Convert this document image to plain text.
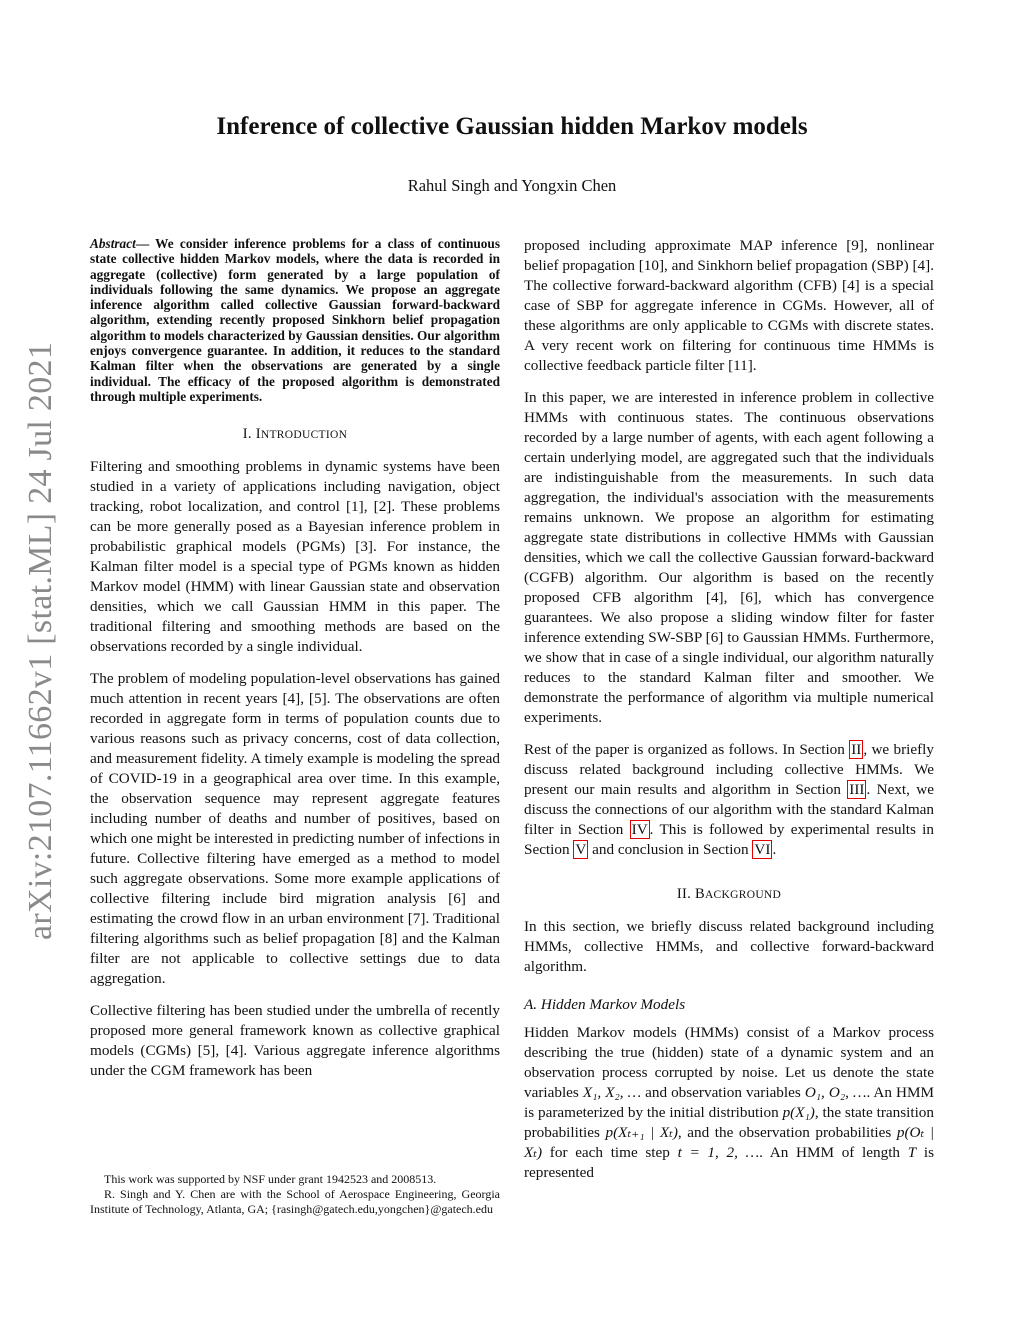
arXiv:2107.11662v1 [stat.ML] 24 Jul 2021
Inference of collective Gaussian hidden Markov models
Rahul Singh and Yongxin Chen
Abstract— We consider inference problems for a class of continuous state collective hidden Markov models, where the data is recorded in aggregate (collective) form generated by a large population of individuals following the same dynamics. We propose an aggregate inference algorithm called collective Gaussian forward-backward algorithm, extending recently proposed Sinkhorn belief propagation algorithm to models characterized by Gaussian densities. Our algorithm enjoys convergence guarantee. In addition, it reduces to the standard Kalman filter when the observations are generated by a single individual. The efficacy of the proposed algorithm is demonstrated through multiple experiments.
I. INTRODUCTION

Filtering and smoothing problems in dynamic systems have been studied in a variety of applications including navigation, object tracking, robot localization, and control [1], [2]. These problems can be more generally posed as a Bayesian inference problem in probabilistic graphical models (PGMs) [3]. For instance, the Kalman filter model is a special type of PGMs known as hidden Markov model (HMM) with linear Gaussian state and observation densities, which we call Gaussian HMM in this paper. The traditional filtering and smoothing methods are based on the observations recorded by a single individual.

The problem of modeling population-level observations has gained much attention in recent years [4], [5]. The observations are often recorded in aggregate form in terms of population counts due to various reasons such as privacy concerns, cost of data collection, and measurement fidelity. A timely example is modeling the spread of COVID-19 in a geographical area over time. In this example, the observation sequence may represent aggregate features including number of deaths and number of positives, based on which one might be interested in predicting number of infections in future. Collective filtering have emerged as a method to model such aggregate observations. Some more example applications of collective filtering include bird migration analysis [6] and estimating the crowd flow in an urban environment [7]. Traditional filtering algorithms such as belief propagation [8] and the Kalman filter are not applicable to collective settings due to data aggregation.

Collective filtering has been studied under the umbrella of recently proposed more general framework known as collective graphical models (CGMs) [5], [4]. Various aggregate inference algorithms under the CGM framework has been

proposed including approximate MAP inference [9], nonlinear belief propagation [10], and Sinkhorn belief propagation (SBP) [4]. The collective forward-backward algorithm (CFB) [4] is a special case of SBP for aggregate inference in CGMs. However, all of these algorithms are only applicable to CGMs with discrete states. A very recent work on filtering for continuous time HMMs is collective feedback particle filter [11].

In this paper, we are interested in inference problem in collective HMMs with continuous states. The continuous observations recorded by a large number of agents, with each agent following a certain underlying model, are aggregated such that the individuals are indistinguishable from the measurements. In such data aggregation, the individual's association with the measurements remains unknown. We propose an algorithm for estimating aggregate state distributions in collective HMMs with Gaussian densities, which we call the collective Gaussian forward-backward (CGFB) algorithm. Our algorithm is based on the recently proposed CFB algorithm [4], [6], which has convergence guarantees. We also propose a sliding window filter for faster inference extending SW-SBP [6] to Gaussian HMMs. Furthermore, we show that in case of a single individual, our algorithm naturally reduces to the standard Kalman filter and smoother. We demonstrate the performance of algorithm via multiple numerical experiments.

Rest of the paper is organized as follows. In Section II , we briefly discuss related background including collective HMMs. We present our main results and algorithm in Section III . Next, we discuss the connections of our algorithm with the standard Kalman filter in Section IV . This is followed by experimental results in Section V and conclusion in Section VI .

II. BACKGROUND

In this section, we briefly discuss related background including HMMs, collective HMMs, and collective forward-backward algorithm.

A. Hidden Markov Models

Hidden Markov models (HMMs) consist of a Markov process describing the true (hidden) state of a dynamic system and an observation process corrupted by noise. Let us denote the state variables X₁, X₂, … and observation variables O₁, O₂, …. An HMM is parameterized by the initial distribution p(X₁), the state transition probabilities p(Xₜ₊₁ | Xₜ), and the observation probabilities p(Oₜ | Xₜ) for each time step t = 1, 2, …. An HMM of length T is represented

This work was supported by NSF under grant 1942523 and 2008513.

R. Singh and Y. Chen are with the School of Aerospace Engineering, Georgia Institute of Technology, Atlanta, GA; {rasingh@gatech.edu,yongchen}@gatech.edu
